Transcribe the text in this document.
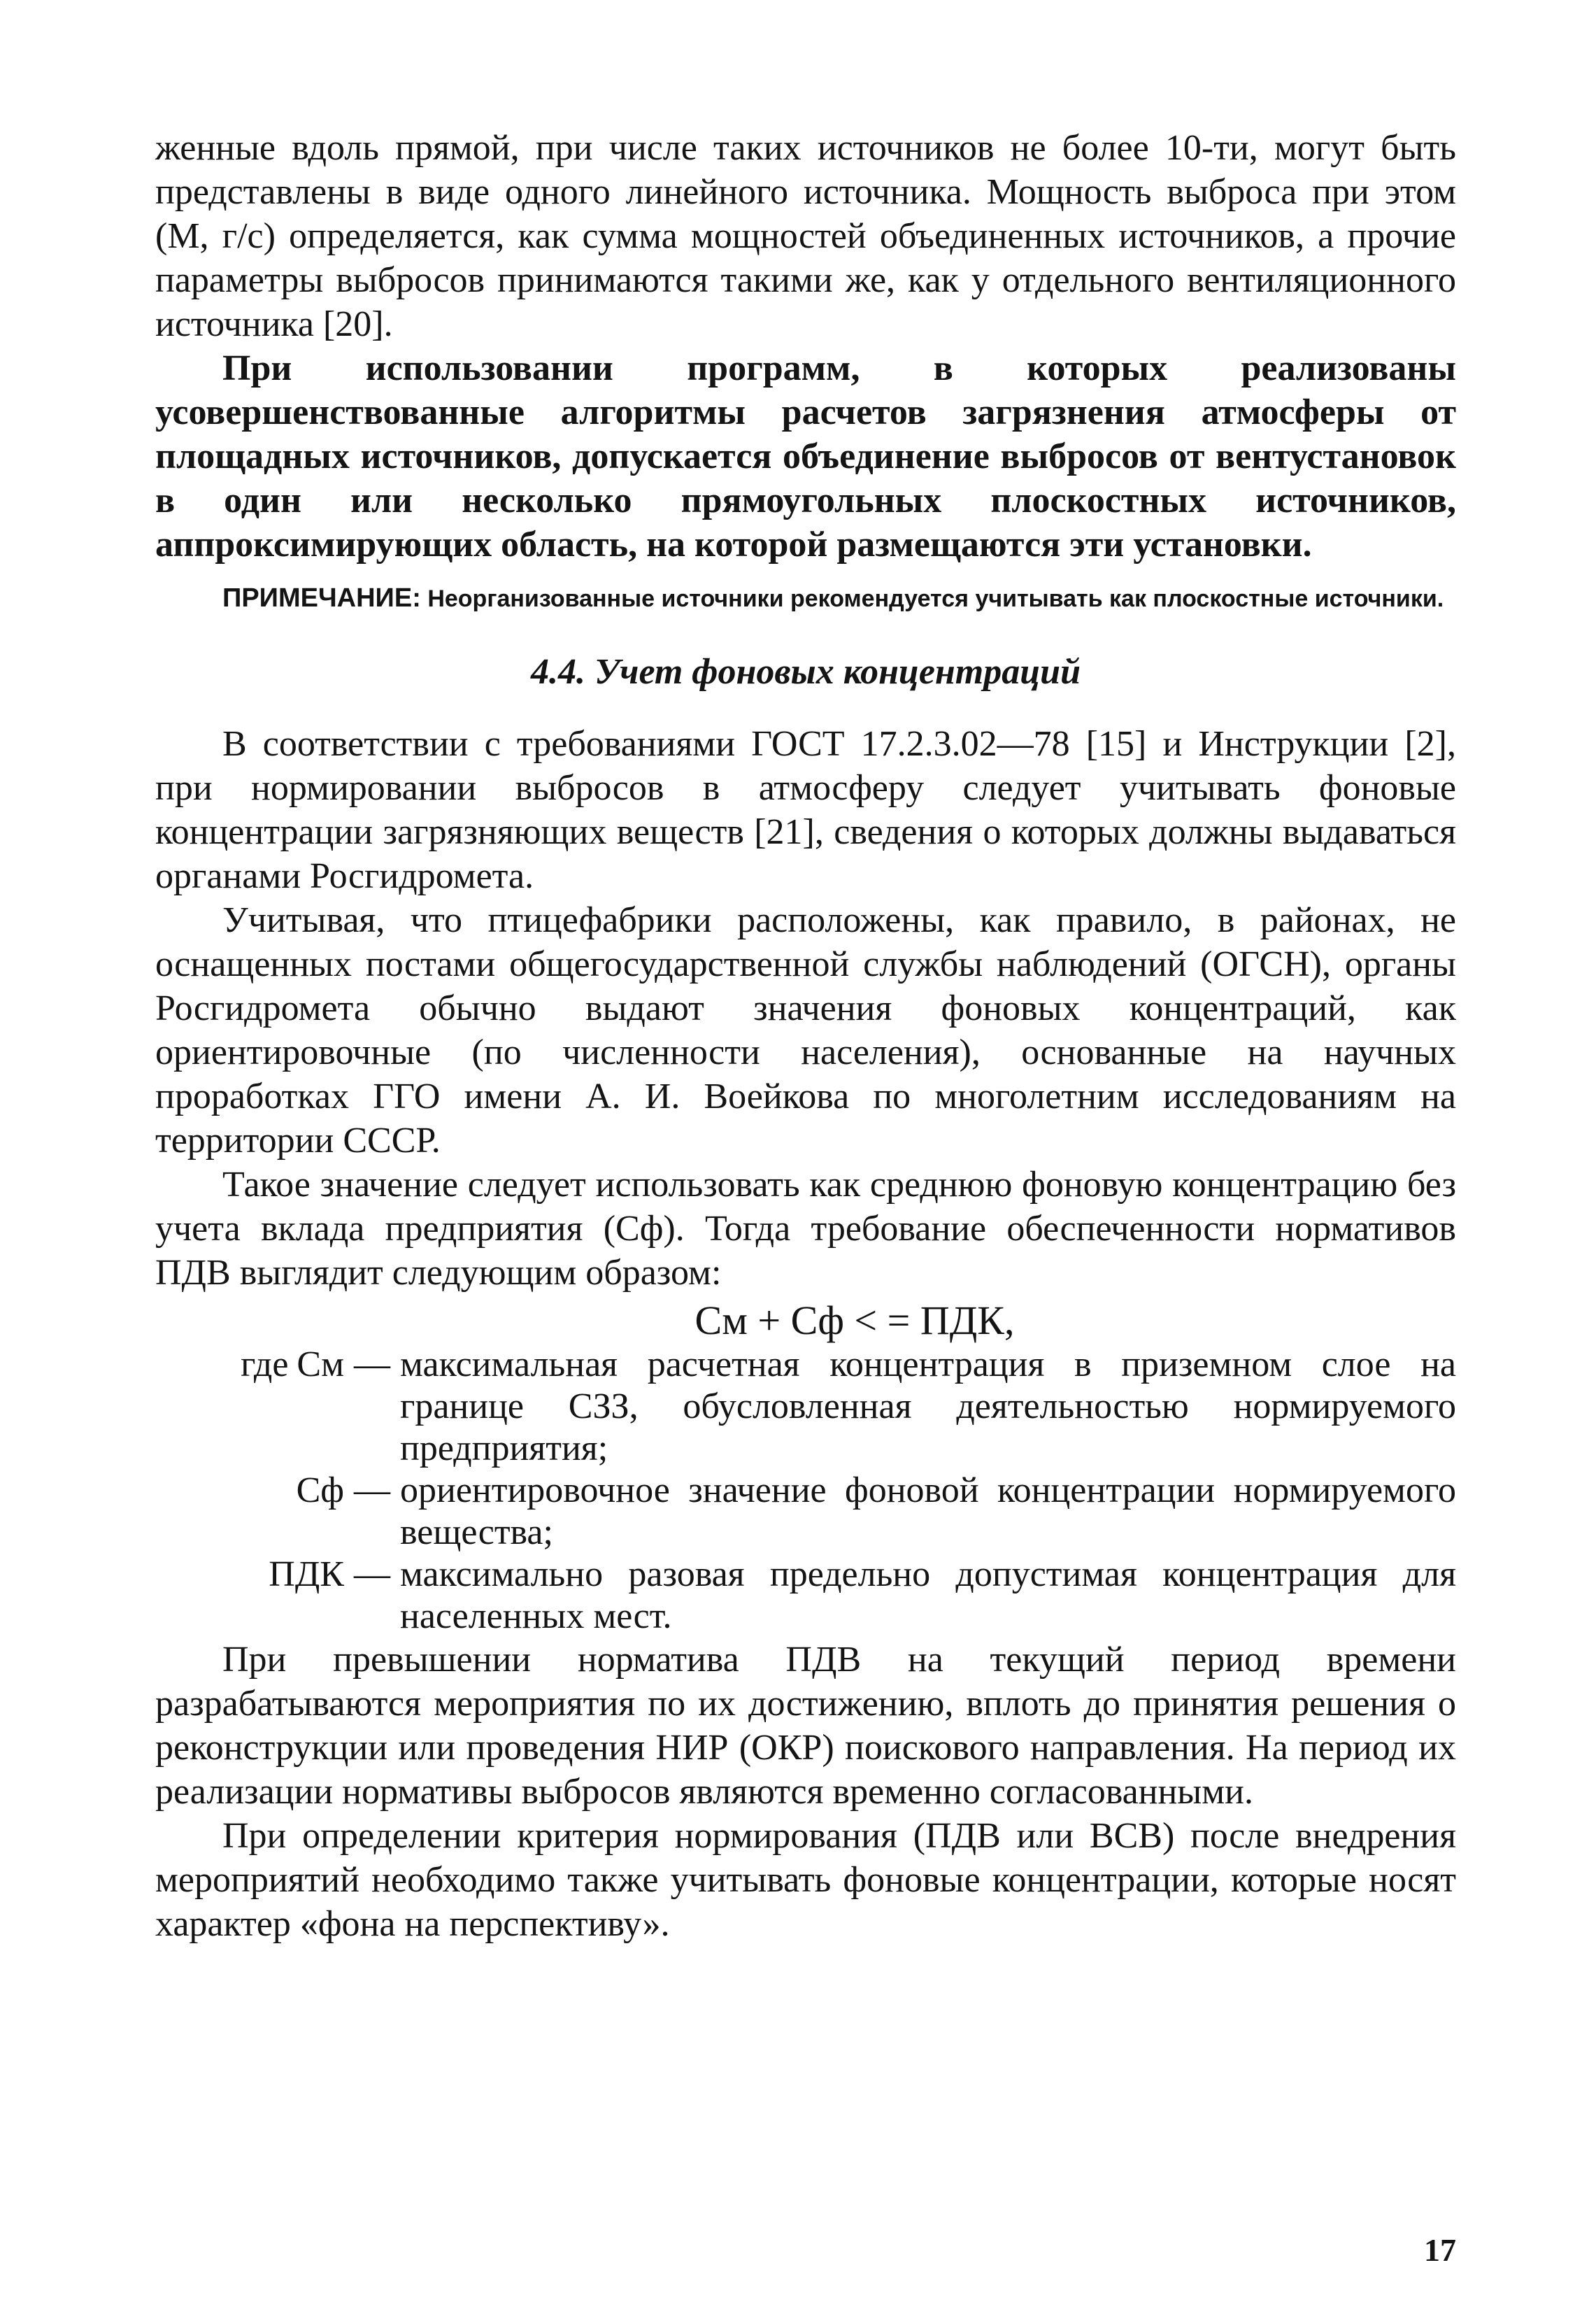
женные вдоль прямой, при числе таких источников не более 10-ти, могут быть представлены в виде одного линейного источника. Мощность выброса при этом (М, г/с) определяется, как сумма мощностей объединенных источников, а прочие параметры выбросов принимаются такими же, как у отдельного вентиляционного источника [20].

При использовании программ, в которых реализованы усовершенствованные алгоритмы расчетов загрязнения атмосферы от площадных источников, допускается объединение выбросов от вентустановок в один или несколько прямоугольных плоскостных источников, аппроксимирующих область, на которой размещаются эти установки.

ПРИМЕЧАНИЕ: Неорганизованные источники рекомендуется учитывать как плоскостные источники.

4.4. Учет фоновых концентраций

В соответствии с требованиями ГОСТ 17.2.3.02—78 [15] и Инструкции [2], при нормировании выбросов в атмосферу следует учитывать фоновые концентрации загрязняющих веществ [21], сведения о которых должны выдаваться органами Росгидромета.

Учитывая, что птицефабрики расположены, как правило, в районах, не оснащенных постами общегосударственной службы наблюдений (ОГСН), органы Росгидромета обычно выдают значения фоновых концентраций, как ориентировочные (по численности населения), основанные на научных проработках ГГО имени А. И. Воейкова по многолетним исследованиям на территории СССР.

Такое значение следует использовать как среднюю фоновую концентрацию без учета вклада предприятия (Сф). Тогда требование обеспеченности нормативов ПДВ выглядит следующим образом:

См + Сф < = ПДК,
где См	—	максимальная расчетная концентрация в приземном слое на границе СЗЗ, обусловленная деятельностью нормируемого предприятия;
Сф	—	ориентировочное значение фоновой концентрации нормируемого вещества;
ПДК	—	максимально разовая предельно допустимая концентрация для населенных мест.

При превышении норматива ПДВ на текущий период времени разрабатываются мероприятия по их достижению, вплоть до принятия решения о реконструкции или проведения НИР (ОКР) поискового направления. На период их реализации нормативы выбросов являются временно согласованными.

При определении критерия нормирования (ПДВ или ВСВ) после внедрения мероприятий необходимо также учитывать фоновые концентрации, которые носят характер «фона на перспективу».

17
